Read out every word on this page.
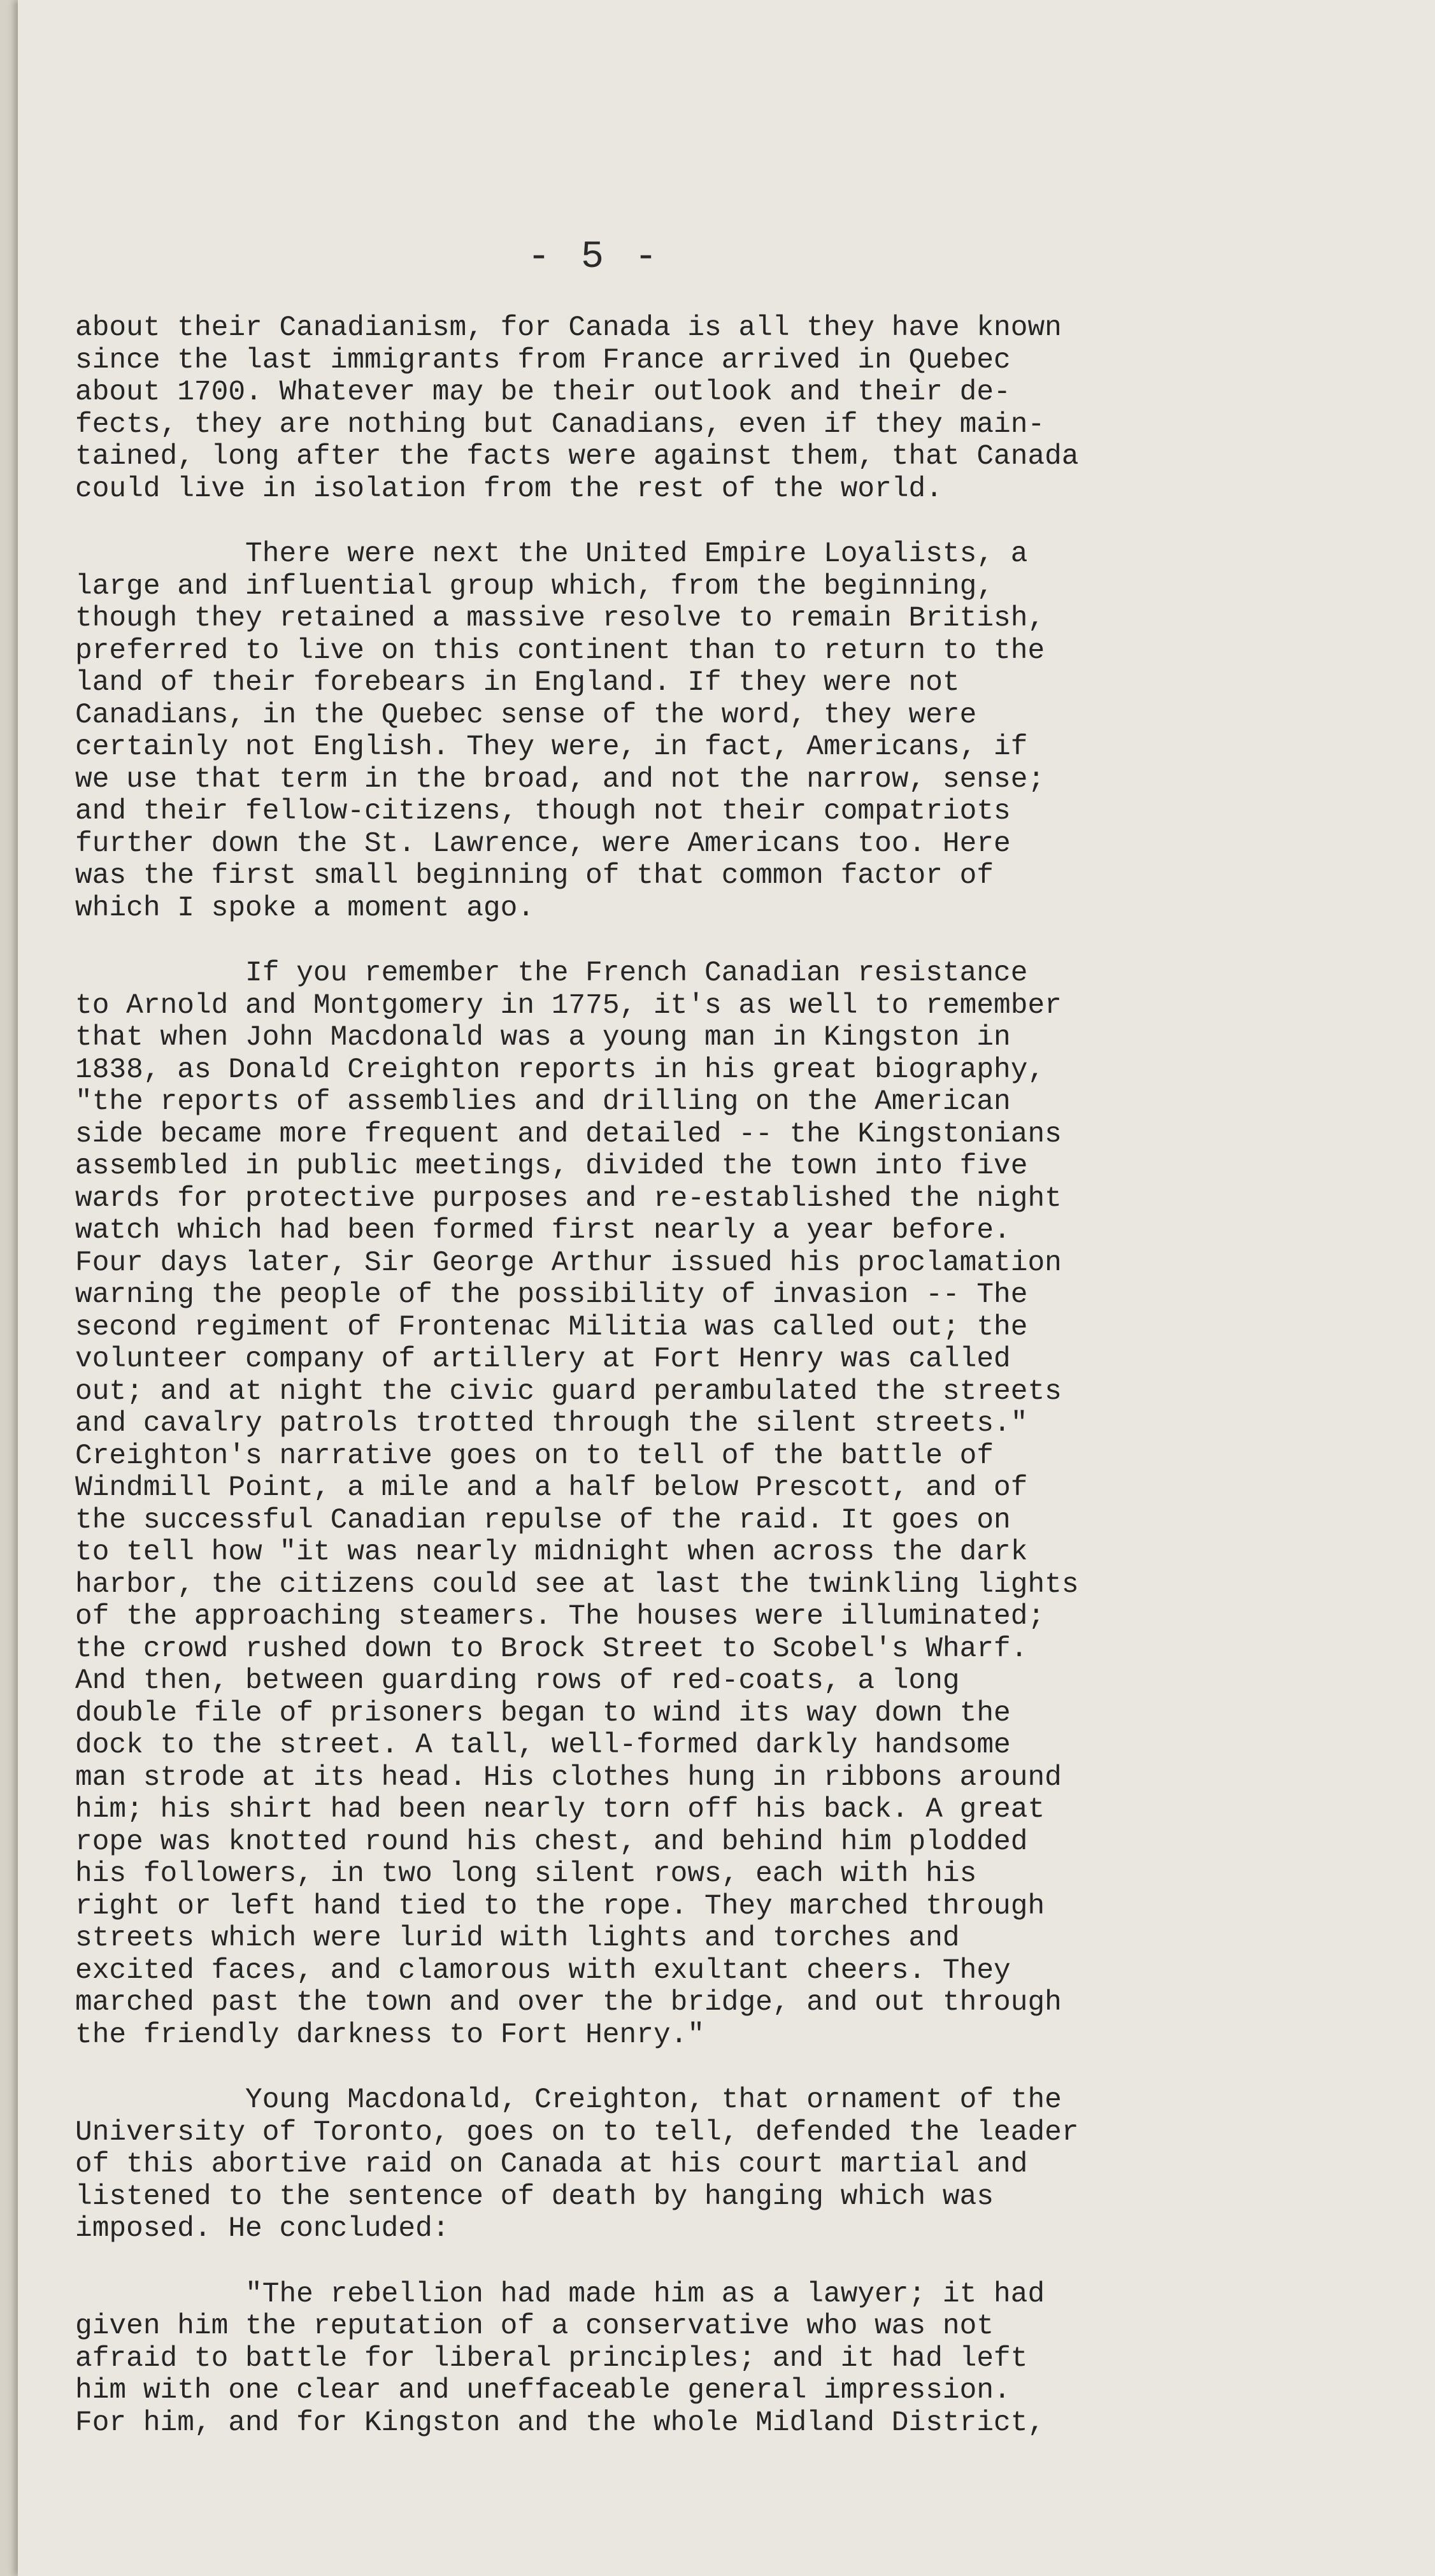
- 5 -
about their Canadianism, for Canada is all they have known
since the last immigrants from France arrived in Quebec
about 1700. Whatever may be their outlook and their de-
fects, they are nothing but Canadians, even if they main-
tained, long after the facts were against them, that Canada
could live in isolation from the rest of the world.
There were next the United Empire Loyalists, a
large and influential group which, from the beginning,
though they retained a massive resolve to remain British,
preferred to live on this continent than to return to the
land of their forebears in England. If they were not
Canadians, in the Quebec sense of the word, they were
certainly not English. They were, in fact, Americans, if
we use that term in the broad, and not the narrow, sense;
and their fellow-citizens, though not their compatriots
further down the St. Lawrence, were Americans too. Here
was the first small beginning of that common factor of
which I spoke a moment ago.
If you remember the French Canadian resistance
to Arnold and Montgomery in 1775, it's as well to remember
that when John Macdonald was a young man in Kingston in
1838, as Donald Creighton reports in his great biography,
"the reports of assemblies and drilling on the American
side became more frequent and detailed -- the Kingstonians
assembled in public meetings, divided the town into five
wards for protective purposes and re-established the night
watch which had been formed first nearly a year before.
Four days later, Sir George Arthur issued his proclamation
warning the people of the possibility of invasion -- The
second regiment of Frontenac Militia was called out; the
volunteer company of artillery at Fort Henry was called
out; and at night the civic guard perambulated the streets
and cavalry patrols trotted through the silent streets."
Creighton's narrative goes on to tell of the battle of
Windmill Point, a mile and a half below Prescott, and of
the successful Canadian repulse of the raid. It goes on
to tell how "it was nearly midnight when across the dark
harbor, the citizens could see at last the twinkling lights
of the approaching steamers. The houses were illuminated;
the crowd rushed down to Brock Street to Scobel's Wharf.
And then, between guarding rows of red-coats, a long
double file of prisoners began to wind its way down the
dock to the street. A tall, well-formed darkly handsome
man strode at its head. His clothes hung in ribbons around
him; his shirt had been nearly torn off his back. A great
rope was knotted round his chest, and behind him plodded
his followers, in two long silent rows, each with his
right or left hand tied to the rope. They marched through
streets which were lurid with lights and torches and
excited faces, and clamorous with exultant cheers. They
marched past the town and over the bridge, and out through
the friendly darkness to Fort Henry."
Young Macdonald, Creighton, that ornament of the
University of Toronto, goes on to tell, defended the leader
of this abortive raid on Canada at his court martial and
listened to the sentence of death by hanging which was
imposed. He concluded:
"The rebellion had made him as a lawyer; it had
given him the reputation of a conservative who was not
afraid to battle for liberal principles; and it had left
him with one clear and uneffaceable general impression.
For him, and for Kingston and the whole Midland District,
